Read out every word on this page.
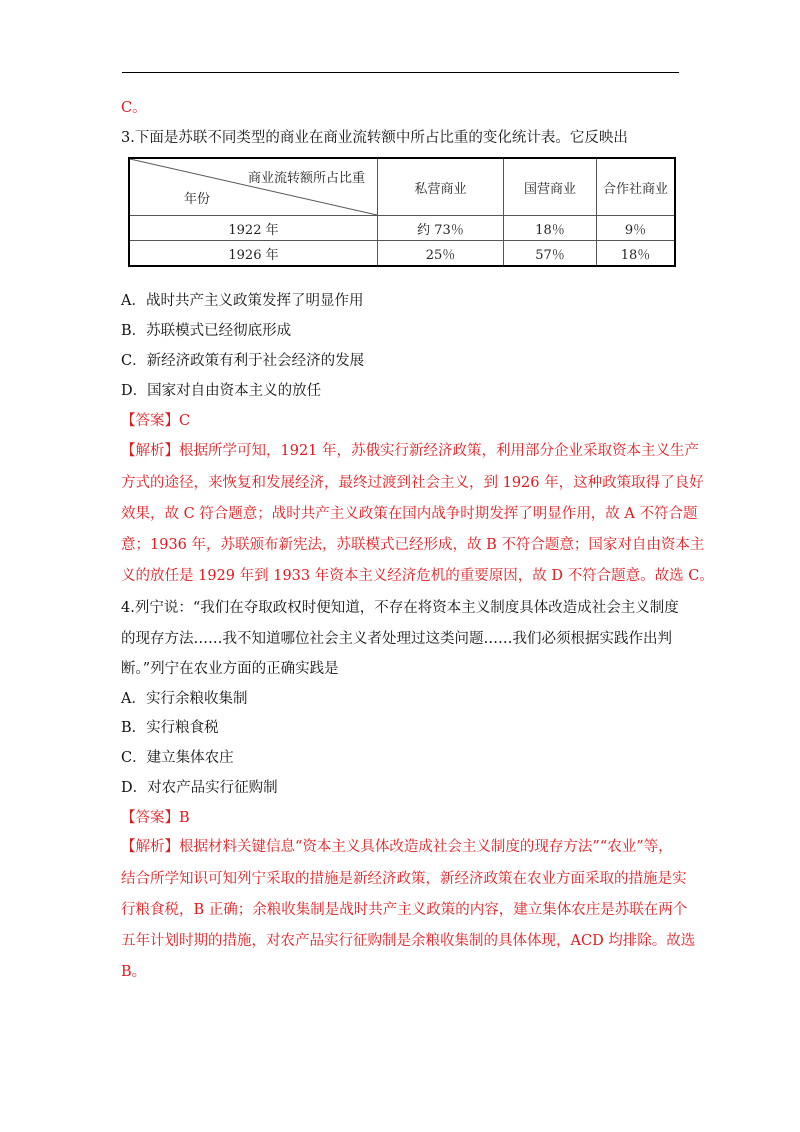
C。
3.下面是苏联不同类型的商业在商业流转额中所占比重的变化统计表。它反映出
商业流转额所占比重
年份	私营商业	国营商业	合作社商业
1922 年	约 73％	18％	9％
1926 年	25％	57％	18％
A．战时共产主义政策发挥了明显作用
B．苏联模式已经彻底形成
C．新经济政策有利于社会经济的发展
D．国家对自由资本主义的放任
【答案】C
【解析】根据所学可知，1921 年，苏俄实行新经济政策，利用部分企业采取资本主义生产
方式的途径，来恢复和发展经济，最终过渡到社会主义，到 1926 年，这种政策取得了良好
效果，故 C 符合题意；战时共产主义政策在国内战争时期发挥了明显作用，故 A 不符合题
意；1936 年，苏联颁布新宪法，苏联模式已经形成，故 B 不符合题意；国家对自由资本主
义的放任是 1929 年到 1933 年资本主义经济危机的重要原因，故 D 不符合题意。故选 C。
4.列宁说：“我们在夺取政权时便知道，不存在将资本主义制度具体改造成社会主义制度
的现存方法……我不知道哪位社会主义者处理过这类问题……我们必须根据实践作出判
断。”列宁在农业方面的正确实践是
A．实行余粮收集制
B．实行粮食税
C．建立集体农庄
D．对农产品实行征购制
【答案】B
【解析】根据材料关键信息“资本主义具体改造成社会主义制度的现存方法”“农业”等，
结合所学知识可知列宁采取的措施是新经济政策，新经济政策在农业方面采取的措施是实
行粮食税，B 正确；余粮收集制是战时共产主义政策的内容，建立集体农庄是苏联在两个
五年计划时期的措施，对农产品实行征购制是余粮收集制的具体体现，ACD 均排除。故选
B。
